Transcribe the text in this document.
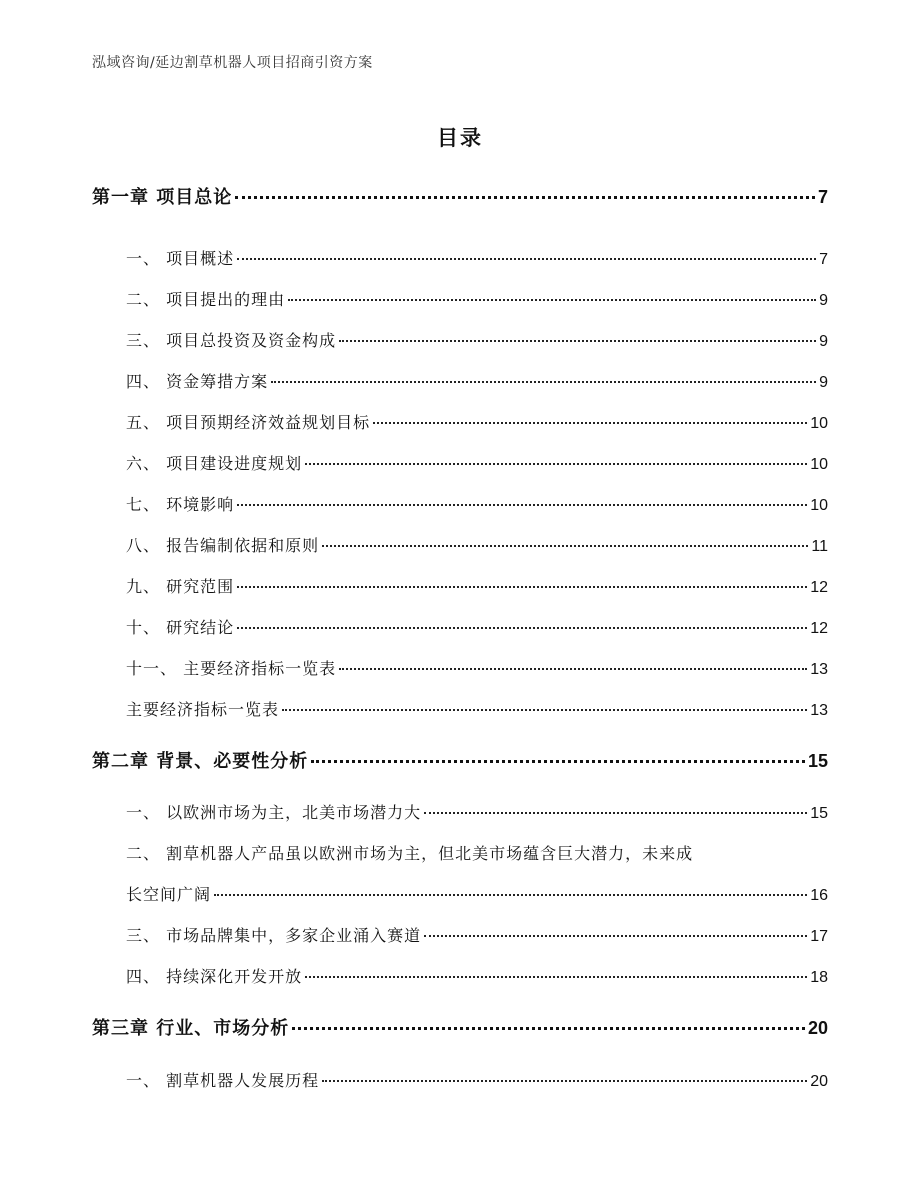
泓域咨询/延边割草机器人项目招商引资方案
目录
第一章 项目总论	7
一、 项目概述	7
二、 项目提出的理由	9
三、 项目总投资及资金构成	9
四、 资金筹措方案	9
五、 项目预期经济效益规划目标	10
六、 项目建设进度规划	10
七、 环境影响	10
八、 报告编制依据和原则	11
九、 研究范围	12
十、 研究结论	12
十一、 主要经济指标一览表	13
主要经济指标一览表	13
第二章 背景、必要性分析	15
一、 以欧洲市场为主，北美市场潜力大	15
二、 割草机器人产品虽以欧洲市场为主，但北美市场蕴含巨大潜力，未来成
长空间广阔	16
三、 市场品牌集中，多家企业涌入赛道	17
四、 持续深化开发开放	18
第三章 行业、市场分析	20
一、 割草机器人发展历程	20
